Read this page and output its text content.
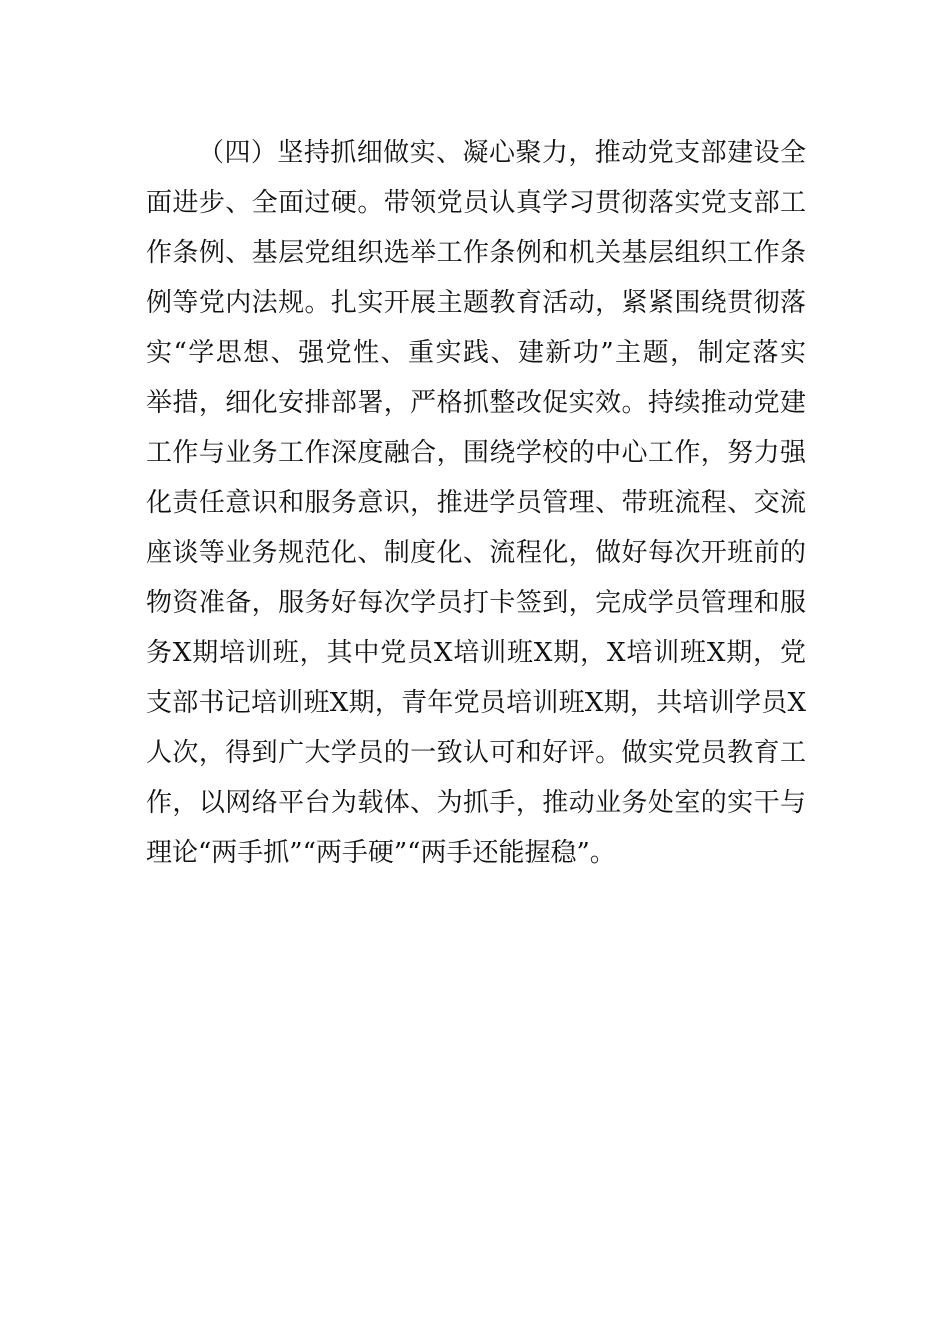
（四）坚持抓细做实、凝心聚力，推动党支部建设全
面进步、全面过硬。带领党员认真学习贯彻落实党支部工
作条例、基层党组织选举工作条例和机关基层组织工作条
例等党内法规。扎实开展主题教育活动，紧紧围绕贯彻落
实“学思想、强党性、重实践、建新功”主题，制定落实
举措，细化安排部署，严格抓整改促实效。持续推动党建
工作与业务工作深度融合，围绕学校的中心工作，努力强
化责任意识和服务意识，推进学员管理、带班流程、交流
座谈等业务规范化、制度化、流程化，做好每次开班前的
物资准备，服务好每次学员打卡签到，完成学员管理和服
务X期培训班，其中党员X培训班X期，X培训班X期，党
支部书记培训班X期，青年党员培训班X期，共培训学员X
人次，得到广大学员的一致认可和好评。做实党员教育工
作，以网络平台为载体、为抓手，推动业务处室的实干与
理论“两手抓”“两手硬”“两手还能握稳”。
